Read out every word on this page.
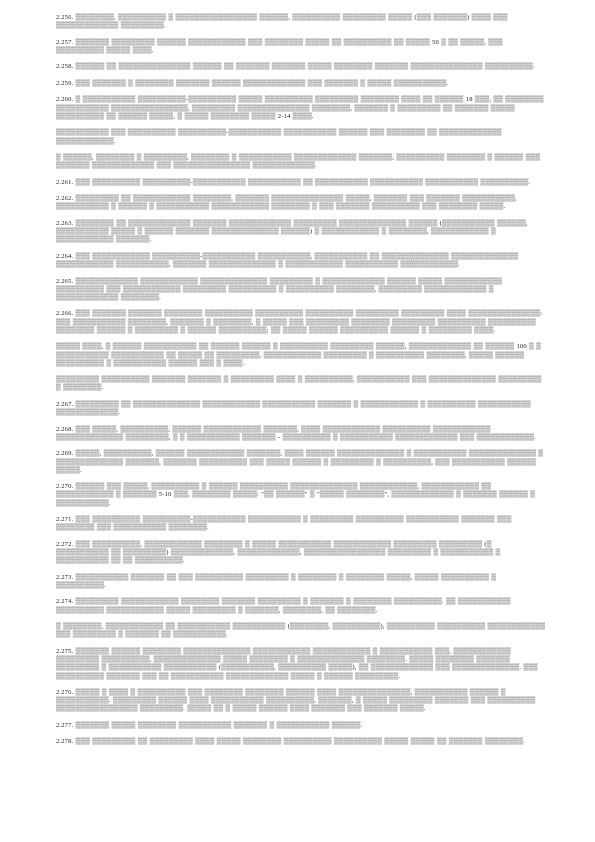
2.256. ▒▒▒▒▒▒▒▒, ▒▒▒▒▒▒▒▒▒▒ ▒ ▒▒▒▒▒▒▒▒▒▒▒▒▒▒▒▒▒ ▒▒▒▒▒▒, ▒▒▒▒▒▒▒▒▒▒ ▒▒▒▒▒▒▒▒▒ ▒▒▒▒▒ (▒▒▒ ▒▒▒▒▒▒▒) ▒▒▒▒ ▒▒▒ ▒▒▒▒▒▒▒▒▒▒▒▒▒ ▒▒▒▒▒▒▒▒▒.

2.257. ▒▒▒▒▒▒▒ ▒▒▒▒▒▒▒▒▒ ▒▒▒▒▒▒ ▒▒▒▒▒▒▒▒▒▒▒▒ ▒▒▒ ▒▒▒▒▒▒▒▒ ▒▒▒▒▒ ▒▒ ▒▒▒▒▒▒▒▒▒▒ ▒▒ ▒▒▒▒▒ 50 ▒ ▒▒ ▒▒▒▒▒, ▒▒▒ ▒▒▒▒▒▒▒▒▒▒ ▒▒▒▒▒ ▒▒▒▒.

2.258. ▒▒▒▒▒▒ ▒▒ ▒▒▒▒▒▒▒▒▒▒▒▒▒▒▒ ▒▒▒▒▒▒ ▒▒ ▒▒▒▒▒▒▒ ▒▒▒▒▒▒▒ ▒▒▒▒▒ ▒▒▒▒▒▒▒▒ ▒▒▒▒▒▒▒ ▒▒▒▒▒▒▒▒▒▒▒▒▒▒▒ ▒▒▒▒▒▒▒▒▒▒.

2.259. ▒▒▒ ▒▒▒▒▒▒▒ ▒ ▒▒▒▒▒▒▒▒ ▒▒▒▒▒▒▒ ▒▒▒▒▒▒ ▒▒▒▒▒▒▒▒▒▒▒▒▒ ▒▒▒ ▒▒▒▒▒▒▒ ▒ ▒▒▒▒▒ ▒▒▒▒▒▒▒▒▒▒▒.

2.260. ▒ ▒▒▒▒▒▒▒▒▒▒▒ ▒▒▒▒▒▒▒▒▒▒-▒▒▒▒▒▒▒▒▒▒ ▒▒▒▒▒ ▒▒▒▒▒▒▒▒▒▒ ▒▒▒▒▒▒▒▒▒ ▒▒▒▒▒▒▒▒ ▒▒▒▒ ▒▒ ▒▒▒▒▒▒ 18 ▒▒▒, ▒▒ ▒▒▒▒▒▒▒▒ ▒▒▒▒▒▒▒▒▒▒▒ ▒▒▒▒▒▒▒▒▒▒▒▒▒▒▒▒, ▒▒▒▒▒▒▒▒▒ ▒▒▒▒▒▒▒▒▒▒▒▒▒▒▒ ▒▒▒▒▒▒▒▒, ▒▒▒▒▒▒▒ ▒ ▒▒▒▒▒▒▒▒▒ ▒▒ ▒▒▒▒▒▒▒ ▒▒▒▒▒ ▒▒▒▒▒▒▒▒▒▒ ▒▒ ▒▒▒▒▒▒ ▒▒▒▒▒, ▒ ▒▒▒▒▒ ▒▒▒▒▒▒▒▒ ▒▒▒▒▒ 2-14 ▒▒▒▒.

▒▒▒▒▒▒▒▒▒▒▒ ▒▒▒ ▒▒▒▒▒▒▒▒▒▒ ▒▒▒▒▒▒▒▒▒▒-▒▒▒▒▒▒▒▒▒▒▒ ▒▒▒▒▒▒▒▒▒▒▒ ▒▒▒▒▒▒ ▒▒▒ ▒▒▒▒▒▒▒▒ ▒▒ ▒▒▒▒▒▒▒▒▒▒▒▒▒ ▒▒▒▒▒▒▒▒▒▒▒▒.

▒ ▒▒▒▒▒▒, ▒▒▒▒▒▒▒▒ ▒ ▒▒▒▒▒▒▒▒▒, ▒▒▒▒▒▒▒▒ ▒ ▒▒▒▒▒▒▒▒▒▒▒ ▒▒▒▒▒▒▒▒▒▒▒▒▒ ▒▒▒▒▒▒▒, ▒▒▒▒▒▒▒▒▒▒ ▒▒▒▒▒▒▒▒ ▒ ▒▒▒▒▒▒ ▒▒▒ ▒▒▒▒▒▒▒ ▒▒▒▒▒▒▒▒▒▒▒▒▒ ▒▒▒ ▒▒▒▒▒▒▒▒▒▒▒▒▒▒▒▒ ▒▒▒▒▒▒▒▒▒▒▒▒▒.

2.261. ▒▒▒ ▒▒▒▒▒▒▒▒▒▒ ▒▒▒▒▒▒▒▒▒▒-▒▒▒▒▒▒▒▒▒▒▒ ▒▒▒▒▒▒▒▒▒▒▒ ▒▒ ▒▒▒▒▒▒▒▒▒▒▒ ▒▒▒▒▒▒▒▒▒▒▒ ▒▒▒▒▒▒▒▒▒▒▒ ▒▒▒▒▒▒▒▒▒▒.

2.262. ▒▒▒▒▒▒▒▒▒ ▒▒ ▒▒▒▒▒▒▒▒▒▒▒▒ ▒▒▒▒▒▒▒▒, ▒▒▒▒▒▒▒ ▒▒▒▒▒▒▒▒▒▒▒▒▒▒▒ ▒▒▒▒▒, ▒▒▒▒▒▒▒ ▒▒▒ ▒▒▒▒▒▒▒ ▒▒▒▒▒▒▒▒▒▒▒, ▒▒▒▒▒▒▒▒▒▒▒ ▒ ▒▒▒▒▒▒ ▒ ▒▒▒▒▒▒▒▒▒▒▒ ▒▒▒▒▒▒▒▒▒▒▒▒ ▒▒▒▒▒▒▒▒ ▒ ▒▒▒ ▒▒▒▒▒▒▒ ▒▒▒▒▒▒▒▒▒▒ ▒▒▒ ▒▒▒▒▒▒▒▒ ▒▒▒▒▒.

2.263. ▒▒▒▒▒▒▒▒ ▒▒ ▒▒▒▒▒▒▒▒▒▒▒▒▒ ▒▒▒▒▒▒▒ ▒▒▒▒▒▒▒▒▒▒▒▒▒ ▒▒▒▒▒▒▒▒▒ ▒▒▒▒▒▒▒▒▒▒▒▒▒▒ ▒▒▒▒▒▒ (▒▒▒▒▒▒▒▒▒▒▒ ▒▒▒▒▒▒, ▒▒▒▒▒▒▒▒▒▒▒ ▒▒▒▒▒ ▒ ▒▒▒▒▒▒ ▒▒▒▒▒▒▒ ▒▒▒▒▒▒▒▒▒▒▒▒▒▒ ▒▒▒▒▒▒) ▒ ▒▒▒▒▒▒▒▒▒▒▒▒ ▒ ▒▒▒▒▒▒▒▒, ▒▒▒▒▒▒▒▒▒▒▒▒ ▒ ▒▒▒▒▒▒▒▒▒▒▒▒ ▒▒▒▒▒▒▒.

2.264. ▒▒▒ ▒▒▒▒▒▒▒▒▒▒▒▒ ▒▒▒▒▒▒▒▒▒▒-▒▒▒▒▒▒▒▒▒▒▒ ▒▒▒▒▒▒▒▒▒▒▒, ▒▒▒▒▒▒▒▒▒▒▒ ▒▒ ▒▒▒▒▒▒▒▒▒▒▒▒▒▒ ▒▒▒▒▒▒▒▒▒▒▒▒▒▒ ▒▒▒▒▒▒▒▒▒▒▒▒ ▒▒▒▒▒▒▒▒▒▒▒, ▒▒▒▒▒▒▒ ▒▒▒▒▒▒▒▒▒▒▒▒▒▒ ▒ ▒▒▒▒▒▒▒▒▒▒▒▒ ▒▒▒▒▒▒▒▒▒▒▒ ▒▒▒▒▒▒▒▒▒▒▒▒.

2.265. ▒▒▒▒▒▒▒▒▒▒▒▒▒ ▒▒▒▒▒▒▒▒▒▒▒▒ ▒▒▒▒▒▒▒▒▒▒▒▒▒▒ ▒▒▒▒▒▒▒▒▒ ▒ ▒▒▒▒▒▒▒▒▒▒▒▒▒ ▒▒▒▒▒▒ ▒▒▒▒▒ ▒▒▒▒▒▒▒▒▒▒▒▒ ▒▒▒▒▒▒▒▒▒▒ ▒▒▒ ▒▒▒▒▒▒▒▒▒▒▒▒ ▒▒▒▒▒▒▒▒▒ ▒▒▒▒▒▒▒▒▒▒ ▒ ▒▒▒▒▒▒▒▒▒▒ ▒▒▒▒▒▒▒▒, ▒▒▒▒▒▒▒▒▒ ▒▒▒▒▒▒▒▒▒▒▒▒▒ ▒ ▒▒▒▒▒▒▒▒▒▒▒▒▒ ▒▒▒▒▒▒▒▒.

2.266. ▒▒▒ ▒▒▒▒▒▒▒ ▒▒▒▒▒▒▒ ▒▒▒▒▒▒▒▒ ▒▒▒▒▒▒▒▒▒▒ ▒▒▒▒▒▒▒▒▒▒ ▒▒▒▒▒▒▒▒▒▒ ▒▒▒▒▒▒▒▒▒ ▒▒▒▒▒▒▒▒▒ ▒▒▒▒ ▒▒▒▒▒▒▒▒▒▒▒▒▒▒▒: ▒▒▒ ▒▒▒▒▒▒▒▒▒▒▒ ▒▒▒▒▒▒▒▒, ▒▒▒▒▒▒▒ ▒ ▒▒▒▒▒▒▒▒, ▒ ▒▒▒▒▒ ▒▒▒ ▒▒▒▒▒▒▒▒▒ ▒▒▒▒▒▒▒▒ ▒▒▒▒▒▒▒▒▒ ▒▒▒▒▒▒▒▒▒▒ ▒▒▒▒▒▒▒▒▒▒ ▒▒▒▒▒▒▒▒ ▒▒▒▒▒▒ ▒ ▒▒▒▒▒▒▒▒▒ ▒ ▒▒▒▒▒▒ ▒▒▒▒▒▒▒▒▒▒; ▒▒ ▒▒▒▒▒ ▒▒▒▒▒▒ ▒▒▒▒▒▒▒▒▒▒ ▒▒▒▒▒▒ ▒ ▒▒▒▒▒▒▒▒▒ ▒▒▒▒.

▒▒▒▒▒ ▒▒▒▒, ▒ ▒▒▒▒▒▒ ▒▒▒▒▒▒▒▒▒▒▒ ▒▒ ▒▒▒▒▒▒ ▒▒▒▒▒▒ ▒ ▒▒▒▒▒▒▒▒▒▒ ▒▒▒▒▒▒▒▒▒ ▒▒▒▒▒▒, ▒▒▒▒▒▒▒▒▒▒▒▒▒ ▒▒ ▒▒▒▒▒▒ 100 ▒ ▒ ▒▒▒▒▒▒▒▒▒▒▒ ▒▒▒▒▒▒▒▒▒▒▒ ▒▒ ▒▒▒▒▒ ▒▒ ▒▒▒▒▒▒▒▒▒, ▒▒▒▒▒▒▒▒▒▒▒▒ ▒▒▒▒▒▒▒▒▒ ▒ ▒▒▒▒▒▒▒▒▒▒ ▒▒▒▒▒▒▒▒, ▒▒▒▒▒ ▒▒▒▒▒▒ ▒▒▒▒▒▒▒▒▒▒ ▒ ▒▒▒▒▒▒▒▒▒▒▒ ▒▒▒▒▒▒ ▒▒▒ ▒ ▒▒▒▒.

▒▒▒▒▒▒▒▒▒ ▒▒▒▒▒▒▒▒▒▒ ▒▒▒▒▒▒▒ ▒▒▒▒▒▒▒ ▒ ▒▒▒▒▒▒▒▒▒ ▒▒▒▒ ▒ ▒▒▒▒▒▒▒▒▒▒, ▒▒▒▒▒▒▒▒▒▒▒ ▒▒▒ ▒▒▒▒▒▒▒▒▒▒▒▒▒▒ ▒▒▒▒▒▒▒▒▒ ▒ ▒▒▒▒▒▒▒▒.

2.267. ▒▒▒▒▒▒▒▒▒ ▒▒ ▒▒▒▒▒▒▒▒▒▒▒▒▒▒ ▒▒▒▒▒▒▒▒▒▒▒▒ ▒▒▒▒▒▒▒▒▒▒▒ ▒▒▒▒▒▒▒ ▒ ▒▒▒▒▒▒▒▒▒▒▒▒ ▒ ▒▒▒▒▒▒▒▒▒▒ ▒▒▒▒▒▒▒▒▒▒▒ ▒▒▒▒▒▒▒▒▒▒▒▒▒.

2.268. ▒▒▒ ▒▒▒▒▒, ▒▒▒▒▒▒▒▒▒▒, ▒▒▒▒▒▒ ▒▒▒▒▒▒▒▒▒▒▒▒ ▒▒▒▒▒▒▒, ▒▒▒▒ ▒▒▒▒▒▒▒▒▒▒▒▒ ▒▒▒▒▒▒▒▒▒▒ ▒▒▒▒▒▒▒▒▒▒▒▒ ▒▒▒▒▒▒▒▒▒▒▒▒▒▒ ▒▒▒▒▒▒▒▒▒, ▒ ▒ ▒▒▒▒▒▒▒▒▒▒▒ ▒▒▒▒▒▒▒ - ▒▒▒▒▒▒▒▒▒▒ ▒ ▒▒▒▒▒▒▒▒▒▒▒ ▒▒▒▒▒▒▒▒▒▒▒▒▒ ▒▒▒ ▒▒▒▒▒▒▒▒▒▒▒▒.

2.269. ▒▒▒▒▒, ▒▒▒▒▒▒▒▒▒▒, ▒▒▒▒▒▒ ▒▒▒▒▒▒▒▒▒▒▒▒ ▒▒▒▒▒▒▒, ▒▒▒▒ ▒▒▒▒▒▒ ▒▒▒▒▒▒▒▒▒▒▒▒▒▒ ▒ ▒▒▒▒▒▒▒▒▒▒▒ ▒▒▒▒▒▒▒▒▒▒▒▒▒▒ ▒ ▒▒▒▒▒▒▒▒▒▒▒▒▒▒ ▒▒▒▒▒▒▒, ▒▒▒▒▒▒▒ ▒▒▒▒▒▒▒▒▒▒ ▒▒▒ ▒▒▒▒▒ ▒▒▒▒▒▒ ▒ ▒▒▒▒▒▒▒▒▒ ▒ ▒▒▒▒▒▒▒▒▒▒, ▒▒▒ ▒▒▒▒▒▒▒▒▒▒▒ ▒▒▒▒▒▒ ▒▒▒▒▒.

2.270. ▒▒▒▒▒▒ ▒▒▒ ▒▒▒▒▒, ▒▒▒▒▒▒▒▒▒▒ ▒ ▒▒▒▒▒▒ ▒▒▒▒▒▒▒▒▒▒ ▒▒▒▒▒▒▒▒▒▒▒▒▒▒ ▒▒▒▒▒▒▒▒▒▒▒▒, ▒▒▒▒▒▒▒▒▒▒▒▒ ▒▒ ▒▒▒▒▒▒▒▒▒▒▒▒ ▒ ▒▒▒▒▒▒▒ 5-10 ▒▒▒, ▒▒▒▒▒▒▒▒ ▒▒▒▒▒: "▒▒ ▒▒▒▒▒▒" ▒ "▒▒▒▒▒ ▒▒▒▒▒▒▒▒", ▒▒▒▒▒▒▒▒▒▒▒▒▒ ▒ ▒▒▒▒▒▒▒ ▒▒▒▒▒▒ ▒ ▒▒▒▒▒▒▒▒▒▒▒.

2.271. ▒▒▒ ▒▒▒▒▒▒▒▒▒▒ ▒▒▒▒▒▒▒▒▒▒-▒▒▒▒▒▒▒▒▒▒▒ ▒▒▒▒▒▒▒▒▒▒▒ ▒ ▒▒▒▒▒▒▒▒▒ ▒▒▒▒▒▒▒▒▒▒ ▒▒▒▒▒▒▒▒▒▒▒ ▒▒▒▒▒▒▒ ▒▒▒ ▒▒▒▒▒▒▒▒ ▒▒▒ ▒▒▒▒▒▒▒▒▒▒▒ ▒▒▒▒▒▒▒▒.

2.272. ▒▒▒ ▒▒▒▒▒▒▒▒▒▒, ▒▒▒▒▒▒▒▒▒▒▒▒ ▒▒▒▒▒▒▒▒ ▒ ▒▒▒▒▒ ▒▒▒▒▒▒▒▒▒▒▒ ▒▒▒▒▒▒▒▒▒▒▒▒ ▒▒▒▒▒▒▒▒▒ ▒▒▒▒▒▒▒▒▒ (▒ ▒▒▒▒▒▒▒▒▒▒▒ ▒▒ ▒▒▒▒▒▒▒▒▒) ▒▒▒▒▒▒▒▒▒▒▒▒▒, ▒▒▒▒▒▒▒▒▒▒▒▒▒, ▒▒▒▒▒▒▒▒▒▒▒▒▒▒▒▒▒ ▒▒▒▒▒▒▒▒▒ ▒ ▒▒▒▒▒▒▒▒▒▒▒ ▒ ▒▒▒▒▒▒▒▒▒▒▒ ▒▒ ▒▒ ▒▒▒▒▒▒▒▒▒▒.

2.273. ▒▒▒▒▒▒▒▒▒▒▒ ▒▒▒▒▒▒▒ ▒▒ ▒▒▒ ▒▒▒▒▒▒▒▒▒▒ ▒▒▒▒▒▒▒▒▒ ▒ ▒▒▒▒▒▒▒▒ ▒ ▒▒▒▒▒▒▒▒ ▒▒▒▒▒, ▒▒▒▒▒ ▒▒▒▒▒▒▒▒▒▒ ▒ ▒▒▒▒▒▒▒▒▒▒.

2.274. ▒▒▒▒▒▒▒▒▒ ▒▒▒▒▒▒▒▒▒▒▒▒ ▒▒▒▒▒▒▒▒ ▒▒▒▒▒▒▒ ▒▒▒▒▒▒▒▒▒ ▒ ▒▒▒▒▒▒▒ ▒ ▒▒▒▒▒▒▒▒ ▒▒▒▒▒▒▒▒▒▒. ▒▒ ▒▒▒▒▒▒▒▒▒▒▒ ▒▒▒▒▒▒▒▒▒▒ ▒▒▒▒▒▒▒▒▒▒▒▒ ▒▒▒▒▒ ▒▒▒▒▒▒▒▒▒ ▒ ▒▒▒▒▒▒▒, ▒▒▒▒▒▒▒▒, ▒▒ ▒▒▒▒▒▒▒▒.

▒ ▒▒▒▒▒▒▒▒, ▒▒▒▒▒▒▒▒▒▒▒▒ ▒▒ ▒▒▒▒▒▒▒▒▒▒▒ ▒▒▒▒▒▒▒▒▒▒▒ (▒▒▒▒▒▒▒▒, ▒▒▒▒▒▒▒▒▒▒), ▒▒▒▒▒▒▒▒▒▒ ▒▒▒▒▒▒▒▒▒▒ ▒▒▒▒▒▒▒▒▒▒▒▒ ▒▒▒ ▒▒▒▒▒▒▒▒▒ ▒ ▒▒▒▒▒▒▒ ▒▒ ▒▒▒▒▒▒▒▒▒▒▒.

2.275. ▒▒▒▒▒▒▒ ▒▒▒▒▒▒ ▒▒▒▒▒▒▒▒ ▒▒▒▒▒▒▒▒▒▒▒▒▒▒ ▒▒▒▒▒▒▒▒▒▒▒▒ ▒▒▒▒▒▒▒▒▒▒▒▒ ▒ ▒▒▒▒▒▒▒▒▒▒▒ ▒▒▒, ▒▒▒▒▒▒▒▒▒▒▒▒ ▒▒▒▒▒▒▒▒▒ ▒▒▒▒▒▒▒▒▒▒, ▒▒▒▒▒▒▒▒▒▒▒▒▒▒ ▒▒▒▒▒ ▒▒▒▒▒▒▒▒ ▒ ▒▒▒▒▒▒▒▒▒▒▒▒▒▒ ▒▒▒▒▒▒▒▒. ▒▒▒▒▒ ▒▒▒▒▒▒▒▒ ▒▒▒▒▒▒▒ ▒▒▒▒▒▒▒▒▒ ▒ ▒▒▒▒▒▒▒▒▒▒▒ ▒▒▒▒▒▒▒▒▒▒▒ (▒▒▒▒▒▒▒▒▒▒▒, ▒▒▒▒▒▒▒▒▒▒ ▒▒▒▒▒), ▒▒ ▒▒▒▒▒▒▒▒▒▒▒▒▒ ▒▒▒ ▒▒▒▒▒▒▒▒▒▒▒▒▒▒. ▒▒▒ ▒▒▒▒▒▒▒▒▒▒ ▒▒▒▒▒▒▒ ▒▒▒ ▒▒ ▒▒▒▒▒▒▒▒▒▒▒ ▒▒▒▒▒▒▒▒▒▒▒▒▒ ▒▒▒▒▒ ▒ ▒▒▒▒▒▒ ▒▒▒▒▒▒▒▒▒.

2.276. ▒▒▒▒▒ ▒ ▒▒▒▒ ▒ ▒▒▒▒▒▒▒▒▒▒ ▒▒▒ ▒▒▒▒▒▒▒▒ ▒▒▒▒▒▒▒▒ ▒▒▒▒▒▒ ▒▒▒▒ ▒▒▒▒▒▒▒▒▒▒▒▒▒▒▒, ▒▒▒▒▒▒▒▒▒▒▒ ▒▒▒▒▒▒ ▒ ▒▒▒▒▒▒▒▒▒▒▒. ▒▒▒▒▒▒▒▒▒ ▒▒▒▒▒▒ ▒▒▒▒ ▒▒▒▒▒▒▒▒▒▒▒ ▒▒▒▒▒▒▒▒▒▒, ▒▒▒▒▒▒▒, ▒ ▒▒▒▒▒ ▒▒▒▒▒▒▒▒▒ ▒▒▒▒▒▒▒ ▒▒▒ ▒▒▒▒▒▒▒▒▒▒ ▒▒▒▒▒▒▒▒▒▒▒▒▒▒▒▒▒ ▒▒▒▒▒▒▒▒▒. ▒▒▒▒▒ ▒▒ ▒ ▒▒▒▒▒ ▒▒▒▒▒▒ ▒▒▒▒ ▒▒▒▒▒▒▒ ▒▒▒ ▒▒▒▒▒▒▒ ▒▒▒▒▒.

2.277. ▒▒▒▒▒▒▒ ▒▒▒▒▒ ▒▒▒▒▒▒▒▒ ▒▒▒▒▒▒▒▒▒▒▒ ▒▒▒▒▒▒▒ ▒ ▒▒▒▒▒▒▒▒▒▒▒ ▒▒▒▒▒▒.

2.278. ▒▒▒ ▒▒▒▒▒▒▒▒▒ ▒▒ ▒▒▒▒▒▒▒▒▒ ▒▒▒▒ ▒▒▒▒▒ ▒▒▒▒▒▒▒▒ ▒▒▒▒▒▒▒▒▒▒ ▒▒▒▒▒▒▒▒▒▒ ▒▒▒▒▒ ▒▒▒▒▒ ▒▒ ▒▒▒▒▒▒▒ ▒▒▒▒▒▒▒▒.
